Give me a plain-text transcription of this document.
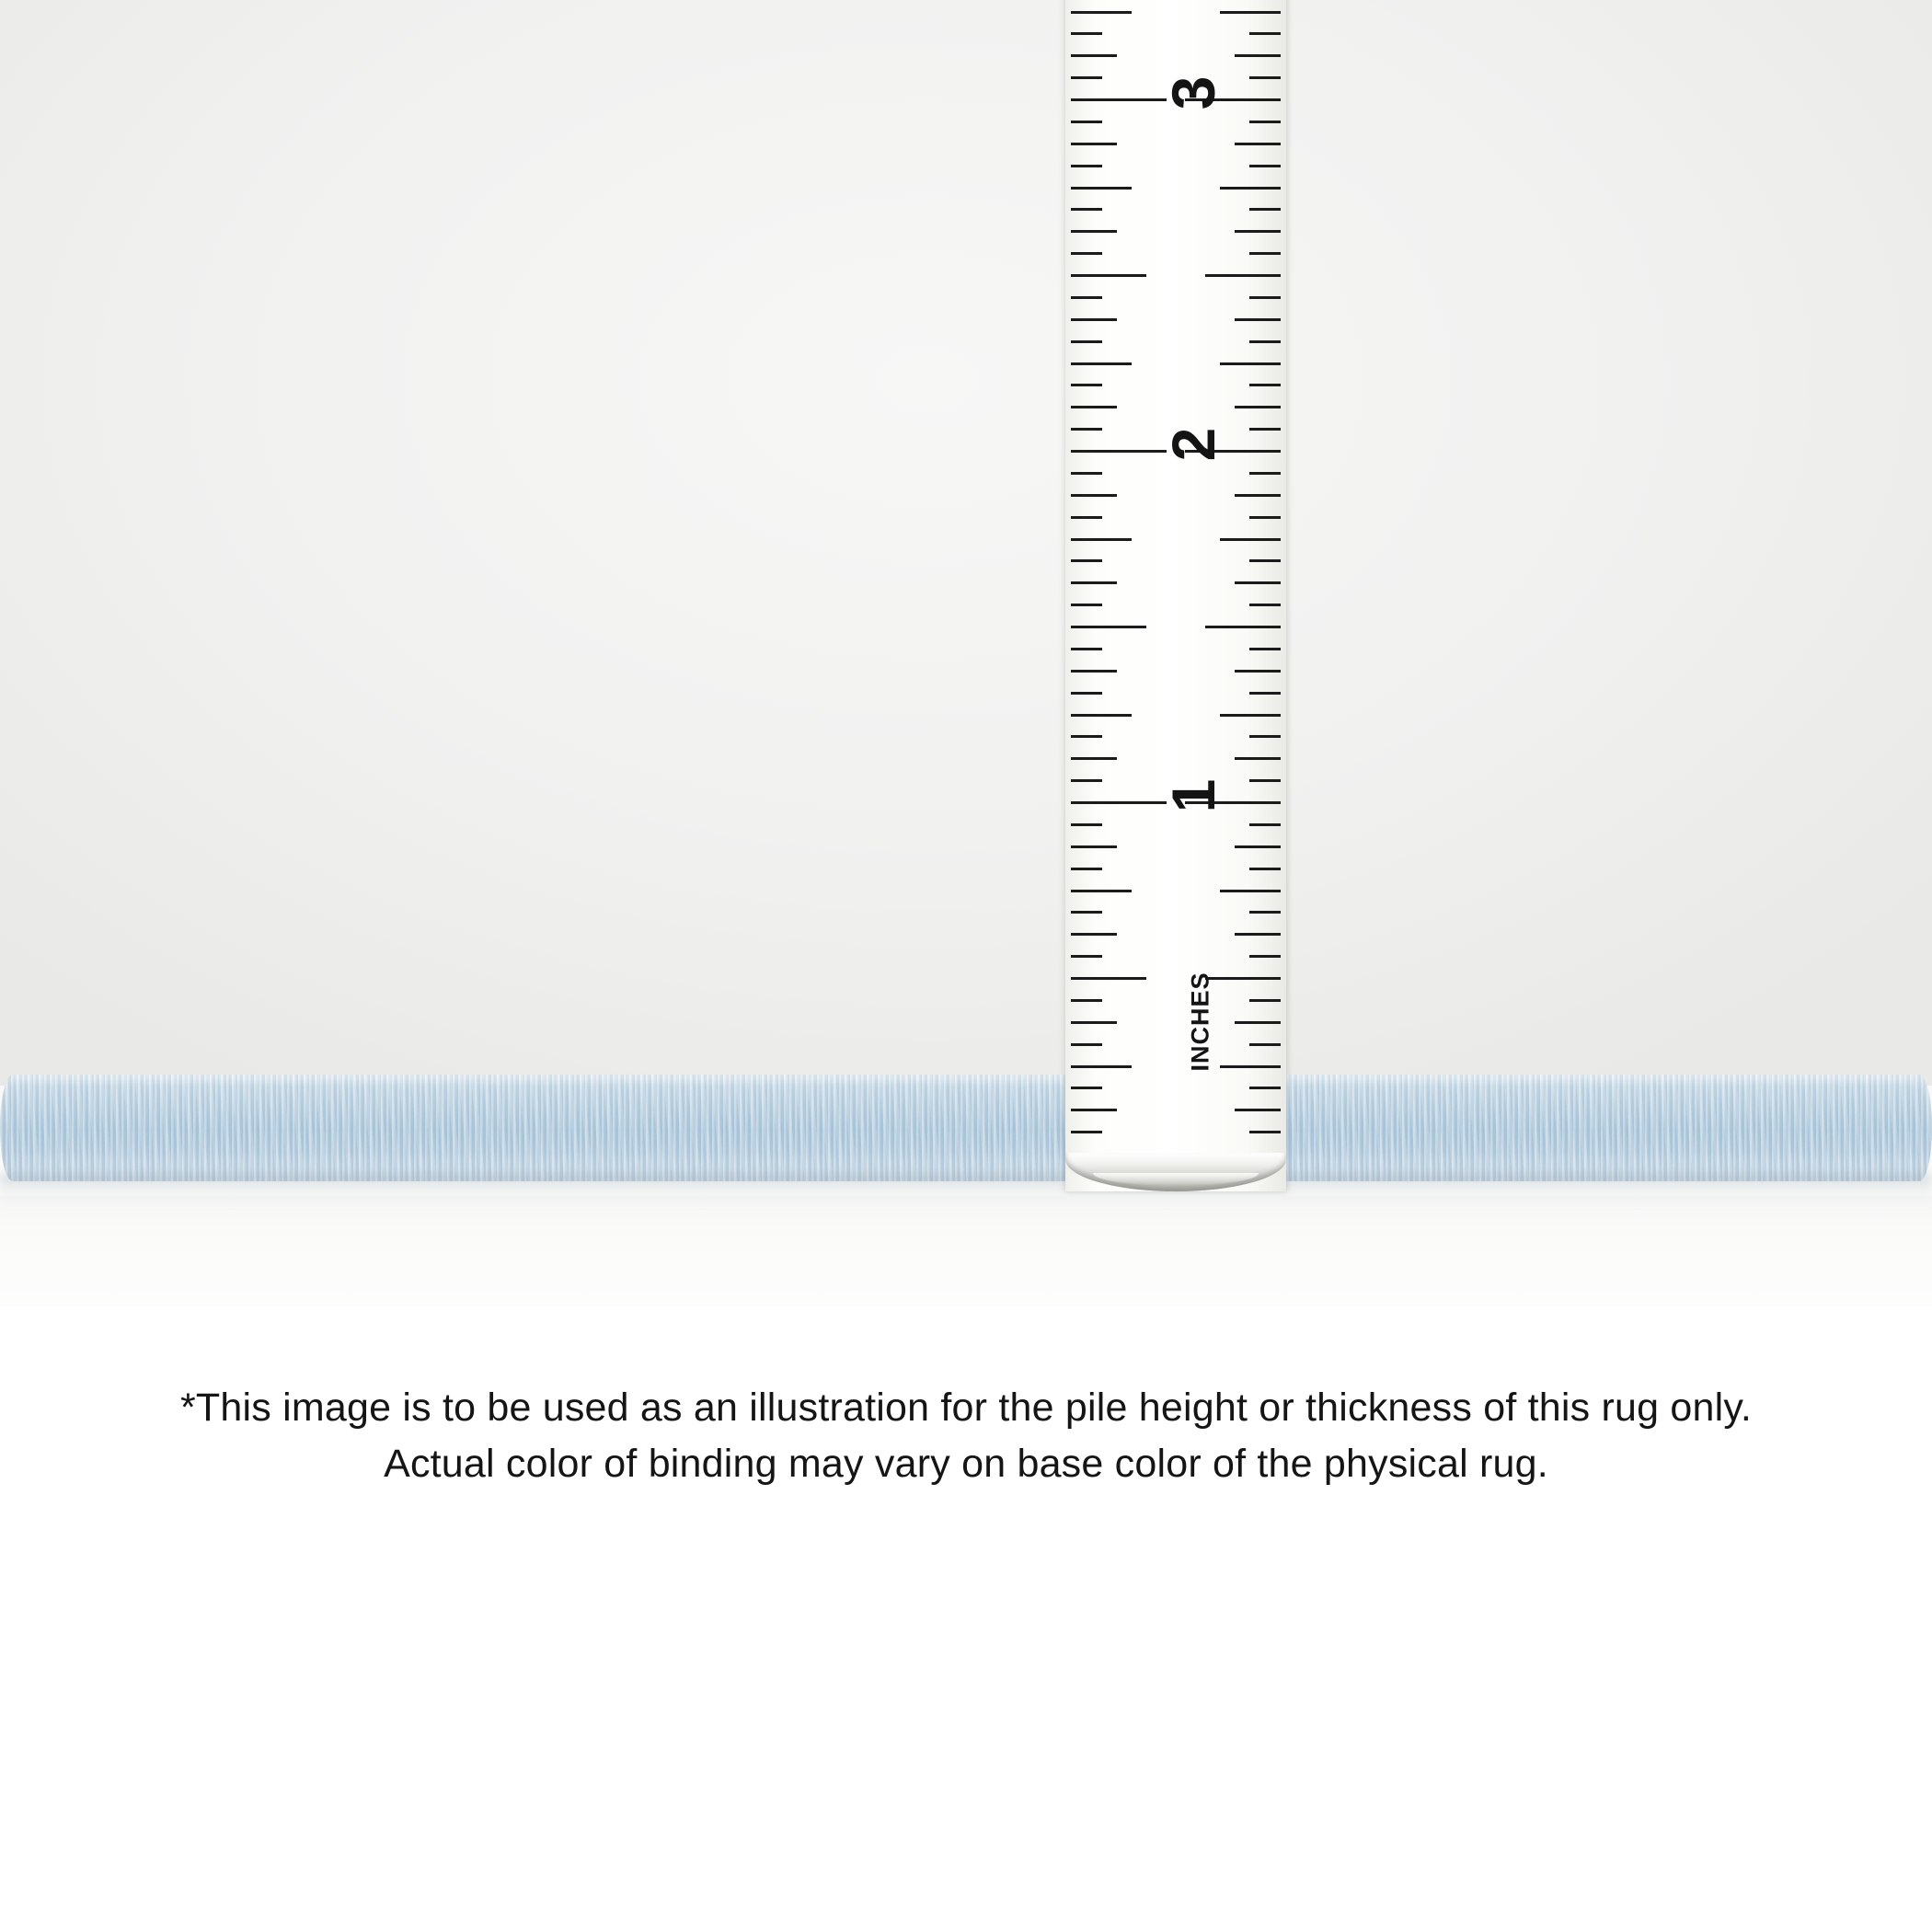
1
2
3
INCHES
*This image is to be used as an illustration for the pile height or thickness of this rug only.
Actual color of binding may vary on base color of the physical rug.
